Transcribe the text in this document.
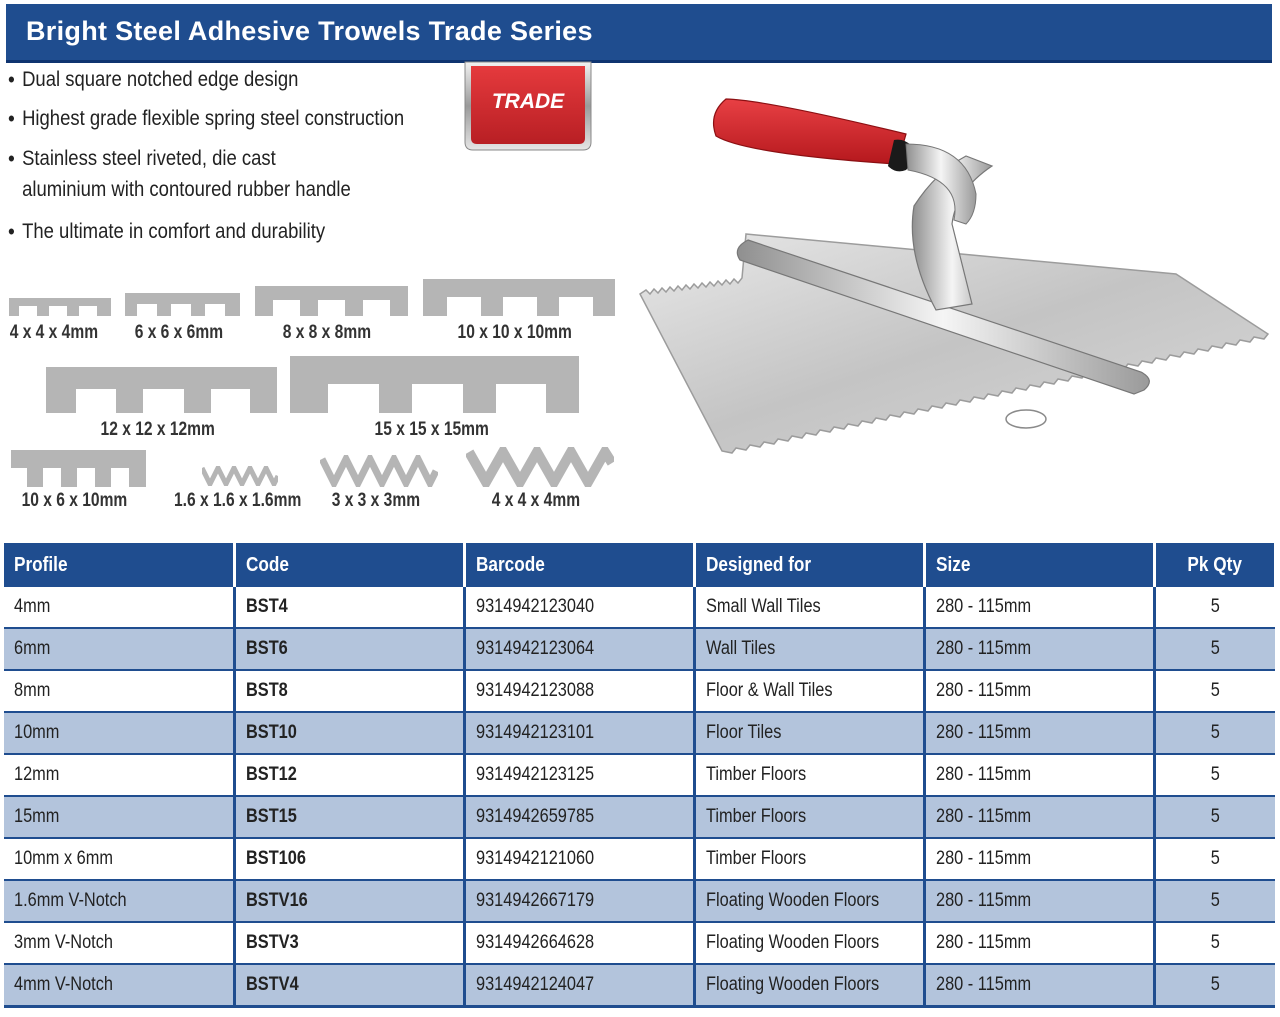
Bright Steel Adhesive Trowels Trade Series
• Dual square notched edge design
• Highest grade flexible spring steel construction
• Stainless steel riveted, die cast
aluminium with contoured rubber handle
• The ultimate in comfort and durability
TRADE
4 x 4 x 4mm 6 x 6 x 6mm	8 x 8 x 8mm	10 x 10 x 10mm
12 x 12 x 12mm	15 x 15 x 15mm
10 x 6 x 10mm 1.6 x 1.6 x 1.6mm 3 x 3 x 3mm	4 x 4 x 4mm
Profile	Code	Barcode	Designed for	Size	Pk Qty
4mm	BST4	9314942123040	Small Wall Tiles	280 - 115mm	5
6mm	BST6	9314942123064	Wall Tiles	280 - 115mm	5
8mm	BST8	9314942123088	Floor & Wall Tiles	280 - 115mm	5
10mm	BST10	9314942123101	Floor Tiles	280 - 115mm	5
12mm	BST12	9314942123125	Timber Floors	280 - 115mm	5
15mm	BST15	9314942659785	Timber Floors	280 - 115mm	5
10mm x 6mm	BST106	9314942121060	Timber Floors	280 - 115mm	5
1.6mm V-Notch	BSTV16	9314942667179	Floating Wooden Floors	280 - 115mm	5
3mm V-Notch	BSTV3	9314942664628	Floating Wooden Floors	280 - 115mm	5
4mm V-Notch	BSTV4	9314942124047	Floating Wooden Floors	280 - 115mm	5
